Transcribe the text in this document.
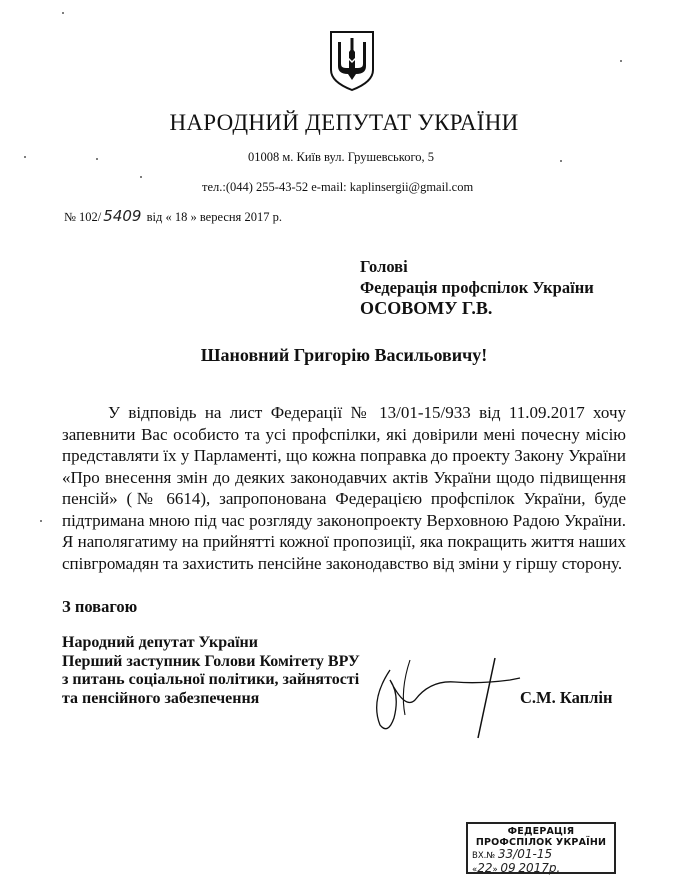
НАРОДНИЙ ДЕПУТАТ УКРАЇНИ
01008 м. Київ вул. Грушевського, 5
тел.:(044) 255-43-52 e-mail: kaplinsergii@gmail.com
№ 102/ 5409 від « 18 » вересня 2017 р.
Голові
Федерація профспілок України
ОСОВОМУ Г.В.
Шановний Григорію Васильовичу!
У відповідь на лист Федерації № 13/01-15/933 від 11.09.2017 хочу запевнити Вас особисто та усі профспілки, які довірили мені почесну місію представляти їх у Парламенті, що кожна поправка до проекту Закону України «Про внесення змін до деяких законодавчих актів України щодо підвищення пенсій» (№ 6614), запропонована Федерацією профспілок України, буде підтримана мною під час розгляду законопроекту Верховною Радою України. Я наполягатиму на прийнятті кожної пропозиції, яка покращить життя наших співгромадян та захистить пенсійне законодавство від зміни у гіршу сторону.
З повагою
Народний депутат України
Перший заступник Голови Комітету ВРУ
з питань соціальної політики, зайнятості
та пенсійного забезпечення	С.М. Каплін
ФЕДЕРАЦІЯ ПРОФСПІЛОК УКРАЇНИ
ВХ.№ 33/01-15
«22» 09 2017р.
